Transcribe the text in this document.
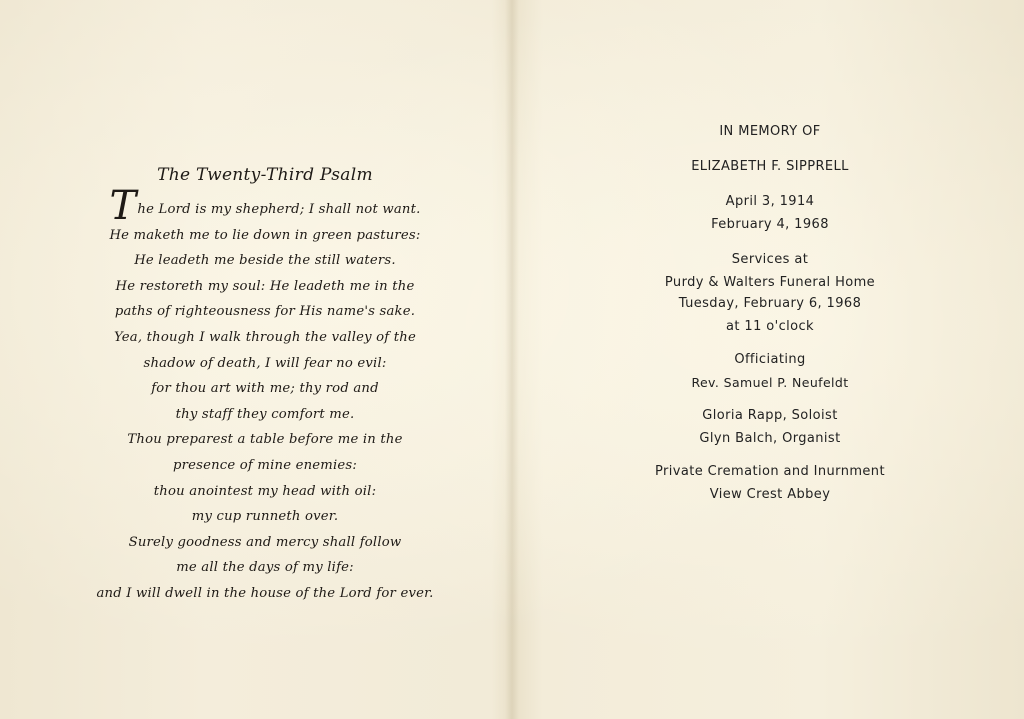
The Twenty-Third Psalm
The Lord is my shepherd; I shall not want.
He maketh me to lie down in green pastures:
He leadeth me beside the still waters.
He restoreth my soul: He leadeth me in the
paths of righteousness for His name's sake.
Yea, though I walk through the valley of the
shadow of death, I will fear no evil:
for thou art with me; thy rod and
thy staff they comfort me.
Thou preparest a table before me in the
presence of mine enemies:
thou anointest my head with oil:
my cup runneth over.
Surely goodness and mercy shall follow
me all the days of my life:
and I will dwell in the house of the Lord for ever.
IN MEMORY OF
ELIZABETH F. SIPPRELL
April 3, 1914
February 4, 1968
Services at
Purdy & Walters Funeral Home
Tuesday, February 6, 1968
at 11 o'clock
Officiating
Rev. Samuel P. Neufeldt
Gloria Rapp, Soloist
Glyn Balch, Organist
Private Cremation and Inurnment
View Crest Abbey
